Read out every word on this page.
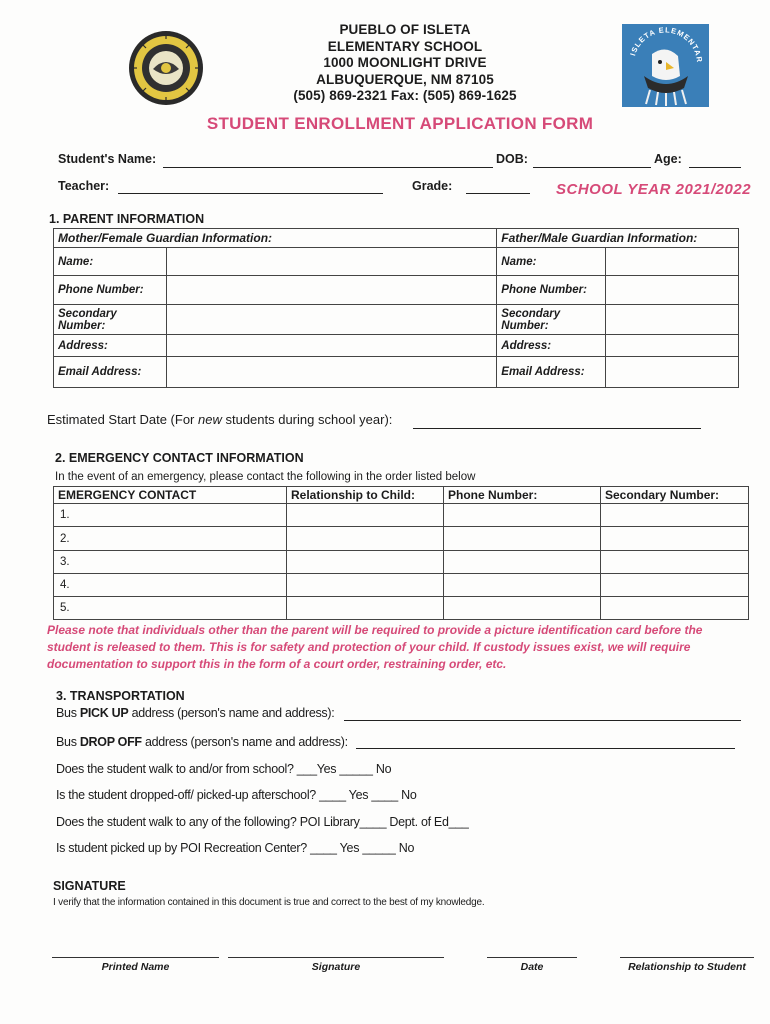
PUEBLO OF ISLETA
ELEMENTARY SCHOOL
1000 MOONLIGHT DRIVE
ALBUQUERQUE, NM 87105
(505) 869-2321 Fax: (505) 869-1625
ISLETA ELEMENTAR
STUDENT ENROLLMENT APPLICATION FORM
Student's Name:	DOB:	Age:
Teacher:	Grade:	SCHOOL YEAR 2021/2022
1. PARENT INFORMATION
Mother/Female Guardian Information:		Father/Male Guardian Information:	
Name:		Name:	
Phone Number:		Phone Number:	
Secondary Number:		Secondary Number:	
Address:		Address:	
Email Address:		Email Address:	
Estimated Start Date (For new students during school year):
2. EMERGENCY CONTACT INFORMATION
In the event of an emergency, please contact the following in the order listed below
EMERGENCY CONTACT	Relationship to Child:	Phone Number:	Secondary Number:
1.			
2.			
3.			
4.			
5.			
Please note that individuals other than the parent will be required to provide a picture identification card before the student is released to them. This is for safety and protection of your child. If custody issues exist, we will require documentation to support this in the form of a court order, restraining order, etc.
3. TRANSPORTATION
Bus PICK UP address (person's name and address):
Bus DROP OFF address (person's name and address):
Does the student walk to and/or from school? ___Yes _____ No
Is the student dropped-off/ picked-up afterschool? ____ Yes ____ No
Does the student walk to any of the following? POI Library____ Dept. of Ed___
Is student picked up by POI Recreation Center? ____ Yes _____ No
SIGNATURE
I verify that the information contained in this document is true and correct to the best of my knowledge.
Printed Name	Signature	Date	Relationship to Student
